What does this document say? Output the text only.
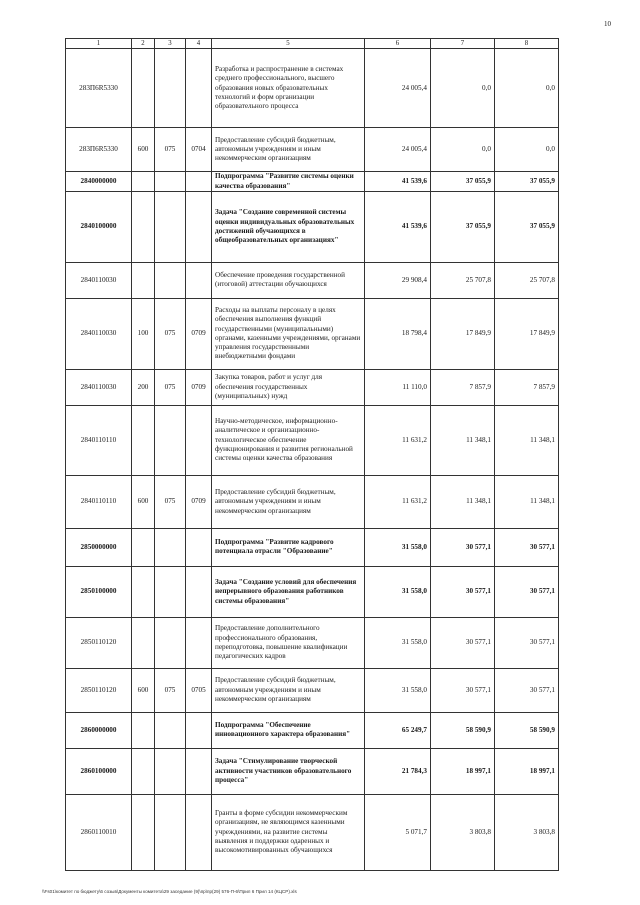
10
1	2	3	4	5	6	7	8
283П6R5330				Разработка и распространение в системах среднего профессионального, высшего образования новых образовательных технологий и форм организации образовательного процесса	24 005,4	0,0	0,0
283П6R5330	600	075	0704	Предоставление субсидий бюджетным, автономным учреждениям и иным некоммерческим организациям	24 005,4	0,0	0,0
2840000000				Подпрограмма "Развитие системы оценки качества образования"	41 539,6	37 055,9	37 055,9
2840100000				Задача "Создание современной системы оценки индивидуальных образовательных достижений обучающихся в общеобразовательных организациях"	41 539,6	37 055,9	37 055,9
2840110030				Обеспечение проведения государственной (итоговой) аттестации обучающихся	29 908,4	25 707,8	25 707,8
2840110030	100	075	0709	Расходы на выплаты персоналу в целях обеспечения выполнения функций государственными (муниципальными) органами, казенными учреждениями, органами управления государственными внебюджетными фондами	18 798,4	17 849,9	17 849,9
2840110030	200	075	0709	Закупка товаров, работ и услуг для обеспечения государственных (муниципальных) нужд	11 110,0	7 857,9	7 857,9
2840110110				Научно-методическое, информационно-аналитическое и организационно-технологическое обеспечение функционирования и развития региональной системы оценки качества образования	11 631,2	11 348,1	11 348,1
2840110110	600	075	0709	Предоставление субсидий бюджетным, автономным учреждениям и иным некоммерческим организациям	11 631,2	11 348,1	11 348,1
2850000000				Подпрограмма "Развитие кадрового потенциала отрасли "Образование"	31 558,0	30 577,1	30 577,1
2850100000				Задача "Создание условий для обеспечения непрерывного образования работников системы образования"	31 558,0	30 577,1	30 577,1
2850110120				Предоставление дополнительного профессионального образования, переподготовка, повышение квалификации педагогических кадров	31 558,0	30 577,1	30 577,1
2850110120	600	075	0705	Предоставление субсидий бюджетным, автономным учреждениям и иным некоммерческим организациям	31 558,0	30 577,1	30 577,1
2860000000				Подпрограмма "Обеспечение инновационного характера образования"	65 249,7	58 590,9	58 590,9
2860100000				Задача "Стимулирование творческой активности участников образовательного процесса"	21 784,3	18 997,1	18 997,1
2860110010				Гранты в форме субсидии некоммерческим организациям, не являющимся казенными учреждениями, на развитие системы выявления и поддержки одаренных и высокомотивированных обучающихся	5 071,7	3 803,8	3 803,8
\\Fs01\комитет по бюджету\6 созыв\Документы комитета\29 заседание (9)\пр\пр(29) 576-П-6\Прил 6 Прил 14 (КЦСР).xls
